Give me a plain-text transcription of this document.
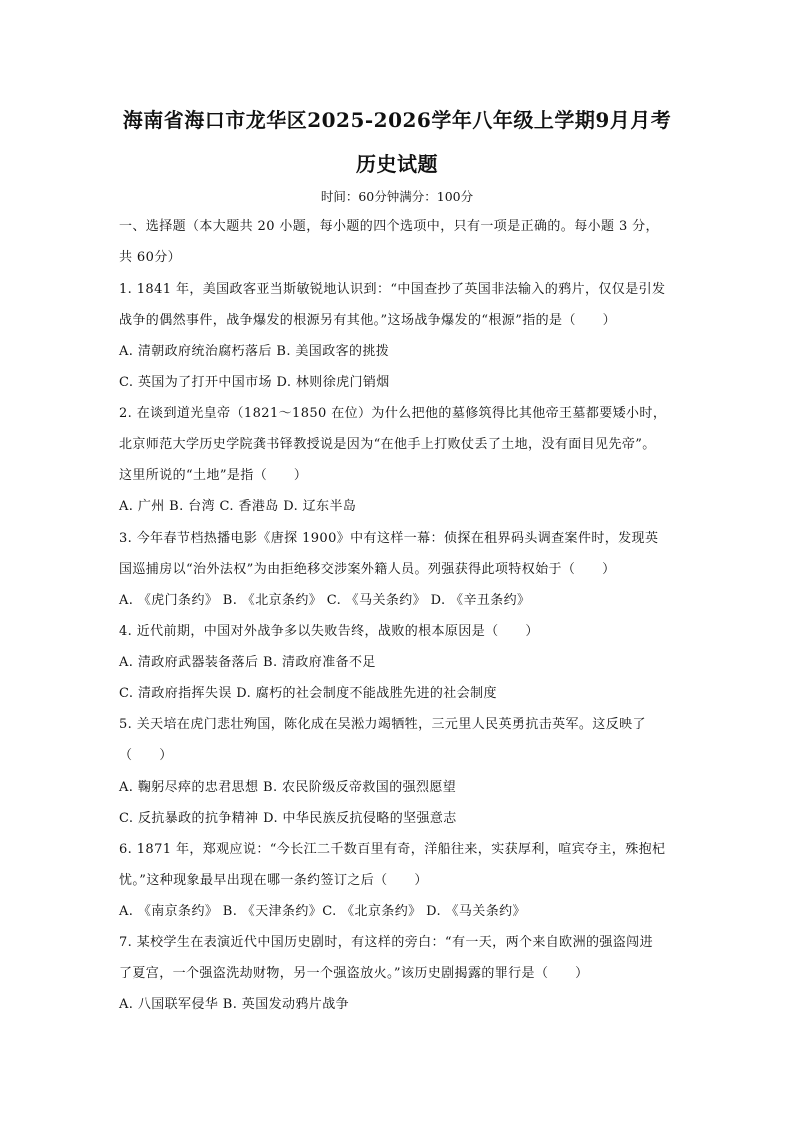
海南省海口市龙华区2025-2026学年八年级上学期9月月考
历史试题
时间：60分钟满分：100分
一、选择题（本大题共 20 小题，每小题的四个选项中，只有一项是正确的。每小题 3 分，
共 60分）
1. 1841 年，美国政客亚当斯敏锐地认识到：“中国查抄了英国非法输入的鸦片，仅仅是引发
战争的偶然事件，战争爆发的根源另有其他。”这场战争爆发的“根源”指的是（　　）
A. 清朝政府统治腐朽落后 B. 美国政客的挑拨
C. 英国为了打开中国市场 D. 林则徐虎门销烟
2. 在谈到道光皇帝（1821～1850 在位）为什么把他的墓修筑得比其他帝王墓都要矮小时，
北京师范大学历史学院龚书铎教授说是因为“在他手上打败仗丢了土地，没有面目见先帝”。
这里所说的“土地”是指（　　）
A. 广州 B. 台湾 C. 香港岛 D. 辽东半岛
3. 今年春节档热播电影《唐探 1900》中有这样一幕：侦探在租界码头调查案件时，发现英
国巡捕房以“治外法权”为由拒绝移交涉案外籍人员。列强获得此项特权始于（　　）
A. 《虎门条约》 B. 《北京条约》 C. 《马关条约》 D. 《辛丑条约》
4. 近代前期，中国对外战争多以失败告终，战败的根本原因是（　　）
A. 清政府武器装备落后 B. 清政府准备不足
C. 清政府指挥失误 D. 腐朽的社会制度不能战胜先进的社会制度
5. 关天培在虎门悲壮殉国，陈化成在吴淞力竭牺牲，三元里人民英勇抗击英军。这反映了
（　　）
A. 鞠躬尽瘁的忠君思想 B. 农民阶级反帝救国的强烈愿望
C. 反抗暴政的抗争精神 D. 中华民族反抗侵略的坚强意志
6. 1871 年，郑观应说：“今长江二千数百里有奇，洋船往来，实获厚利，喧宾夺主，殊抱杞
忧。”这种现象最早出现在哪一条约签订之后（　　）
A. 《南京条约》 B. 《天津条约》C. 《北京条约》 D. 《马关条约》
7. 某校学生在表演近代中国历史剧时，有这样的旁白：“有一天，两个来自欧洲的强盗闯进
了夏宫，一个强盗洗劫财物，另一个强盗放火。”该历史剧揭露的罪行是（　　）
A. 八国联军侵华 B. 英国发动鸦片战争
